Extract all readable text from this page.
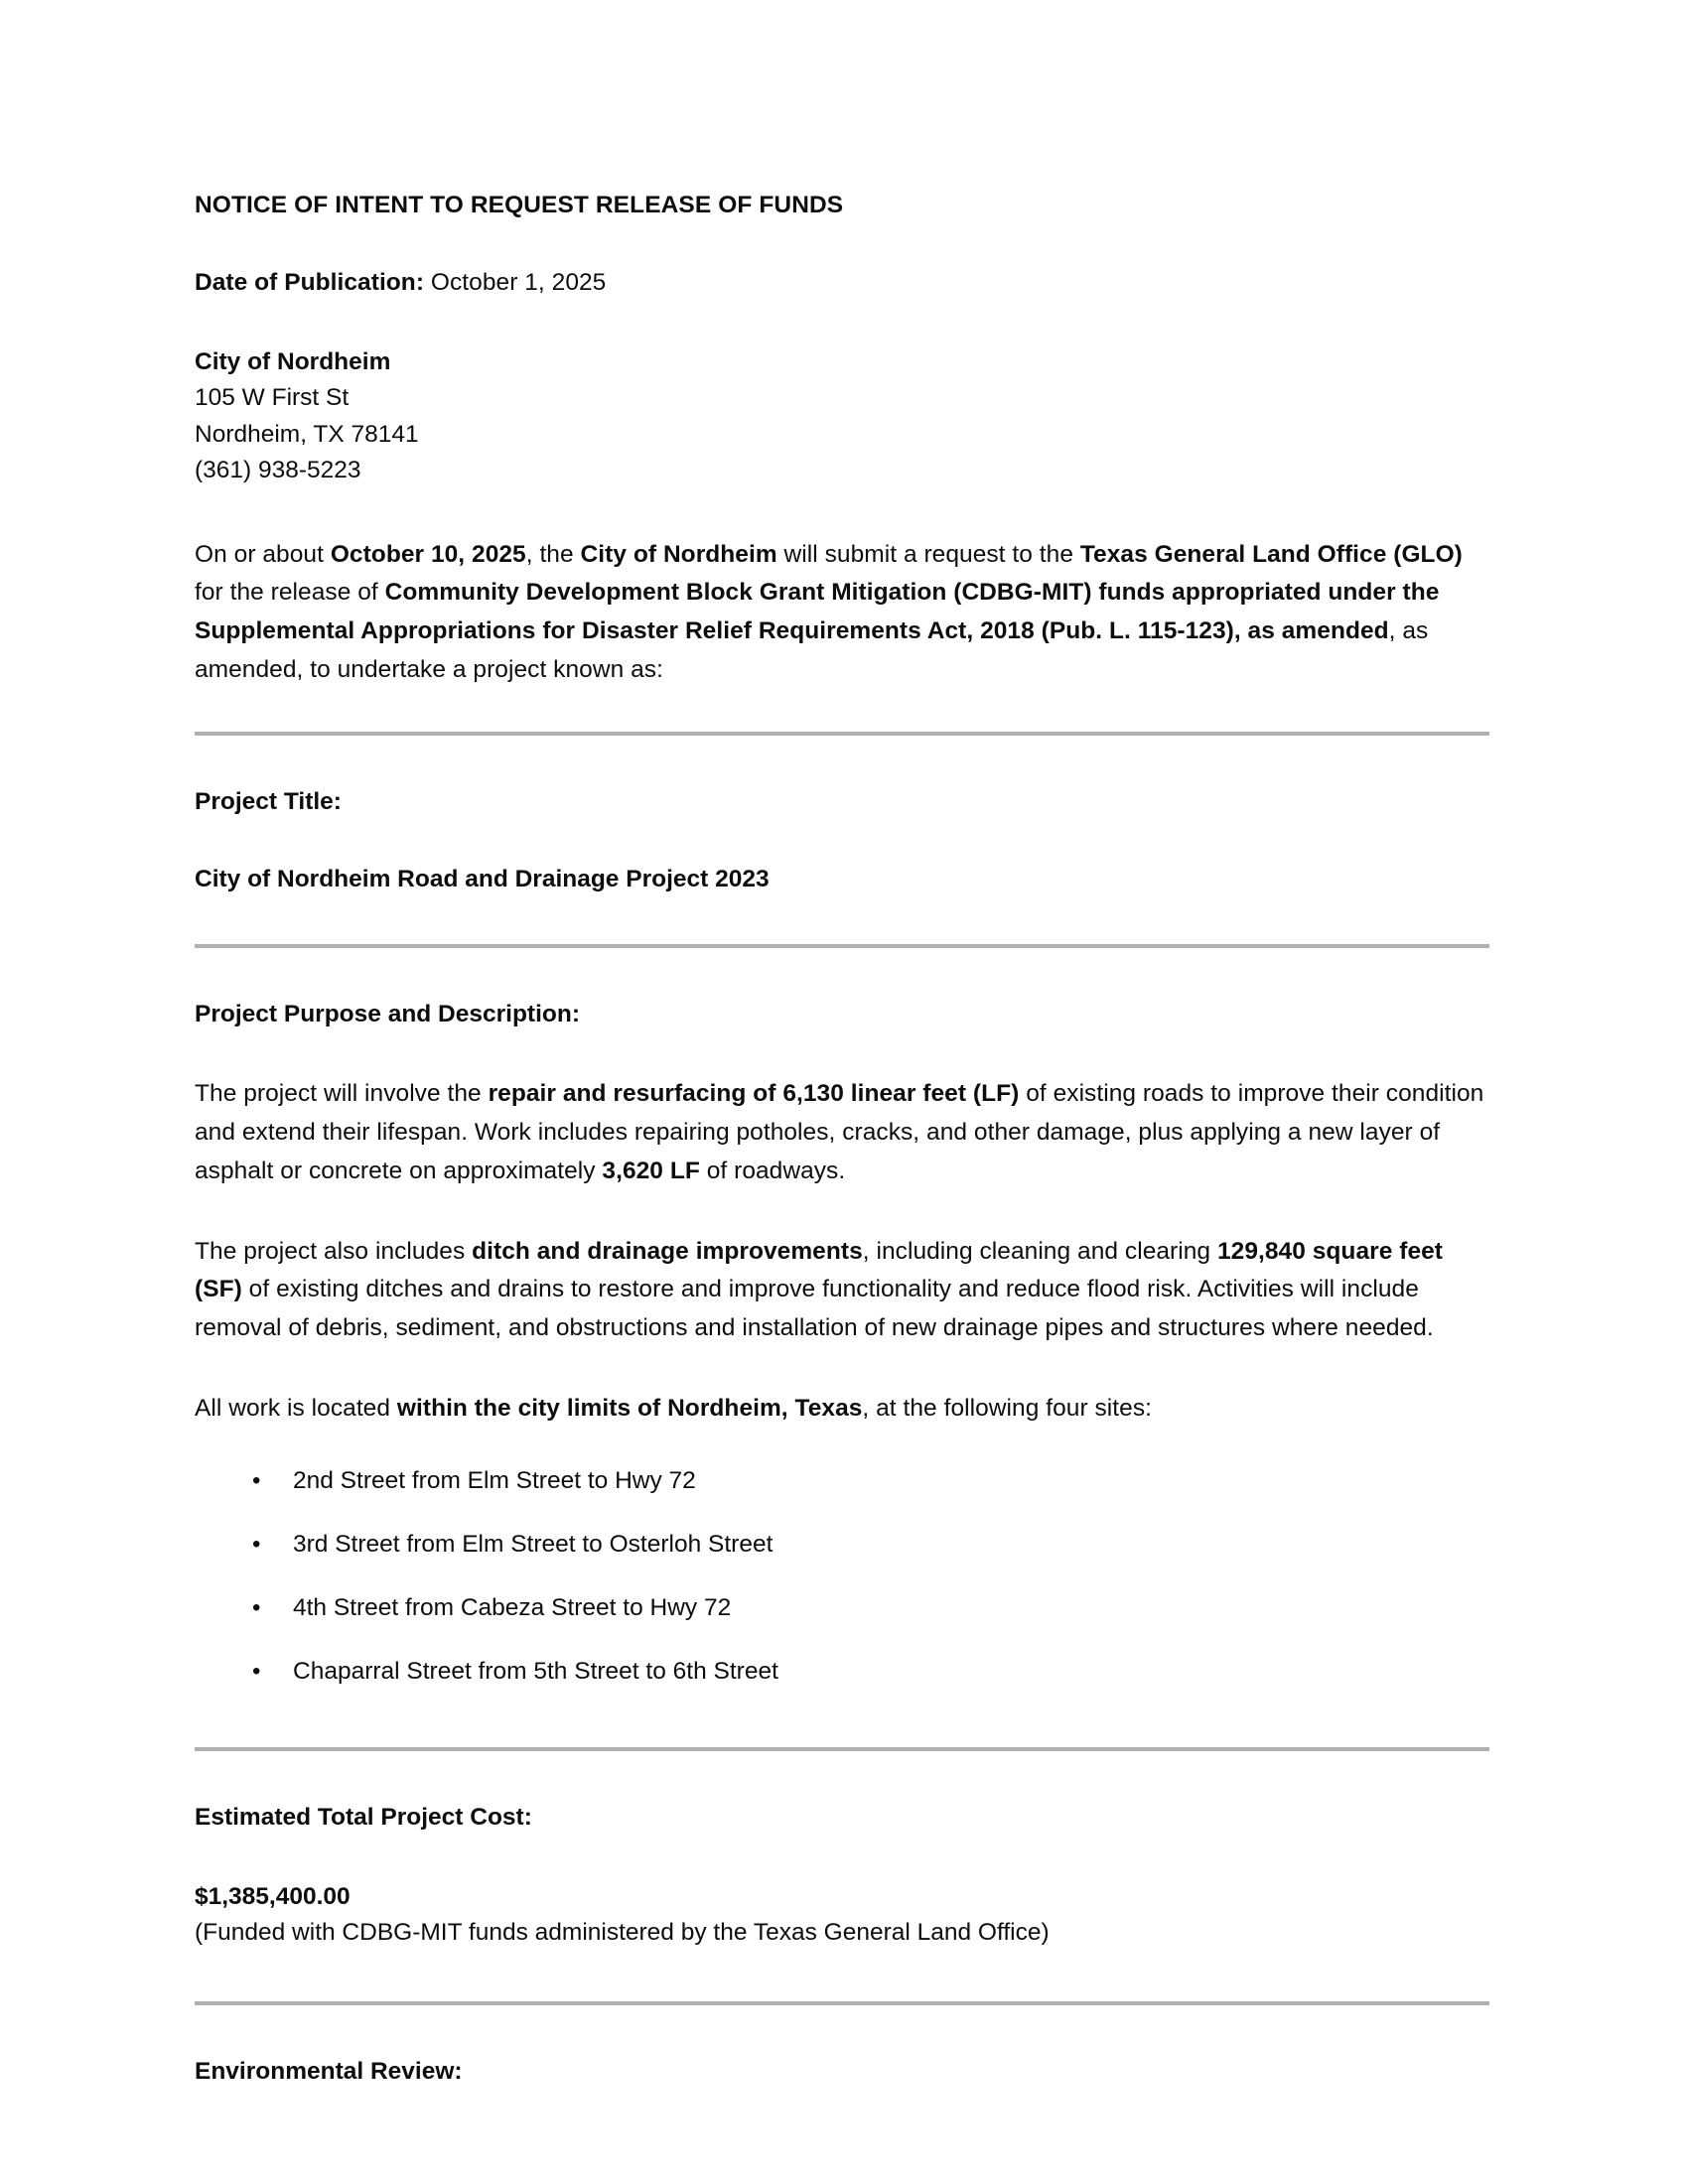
NOTICE OF INTENT TO REQUEST RELEASE OF FUNDS

Date of Publication: October 1, 2025

City of Nordheim
105 W First St
Nordheim, TX 78141
(361) 938-5223

On or about October 10, 2025, the City of Nordheim will submit a request to the Texas General Land Office (GLO) for the release of Community Development Block Grant Mitigation (CDBG-MIT) funds appropriated under the Supplemental Appropriations for Disaster Relief Requirements Act, 2018 (Pub. L. 115-123), as amended, as amended, to undertake a project known as:

Project Title:

City of Nordheim Road and Drainage Project 2023

Project Purpose and Description:

The project will involve the repair and resurfacing of 6,130 linear feet (LF) of existing roads to improve their condition and extend their lifespan. Work includes repairing potholes, cracks, and other damage, plus applying a new layer of asphalt or concrete on approximately 3,620 LF of roadways.

The project also includes ditch and drainage improvements, including cleaning and clearing 129,840 square feet (SF) of existing ditches and drains to restore and improve functionality and reduce flood risk. Activities will include removal of debris, sediment, and obstructions and installation of new drainage pipes and structures where needed.

All work is located within the city limits of Nordheim, Texas, at the following four sites:

• 2nd Street from Elm Street to Hwy 72
• 3rd Street from Elm Street to Osterloh Street
• 4th Street from Cabeza Street to Hwy 72
• Chaparral Street from 5th Street to 6th Street
Estimated Total Project Cost:

$1,385,400.00

(Funded with CDBG-MIT funds administered by the Texas General Land Office)

Environmental Review:
